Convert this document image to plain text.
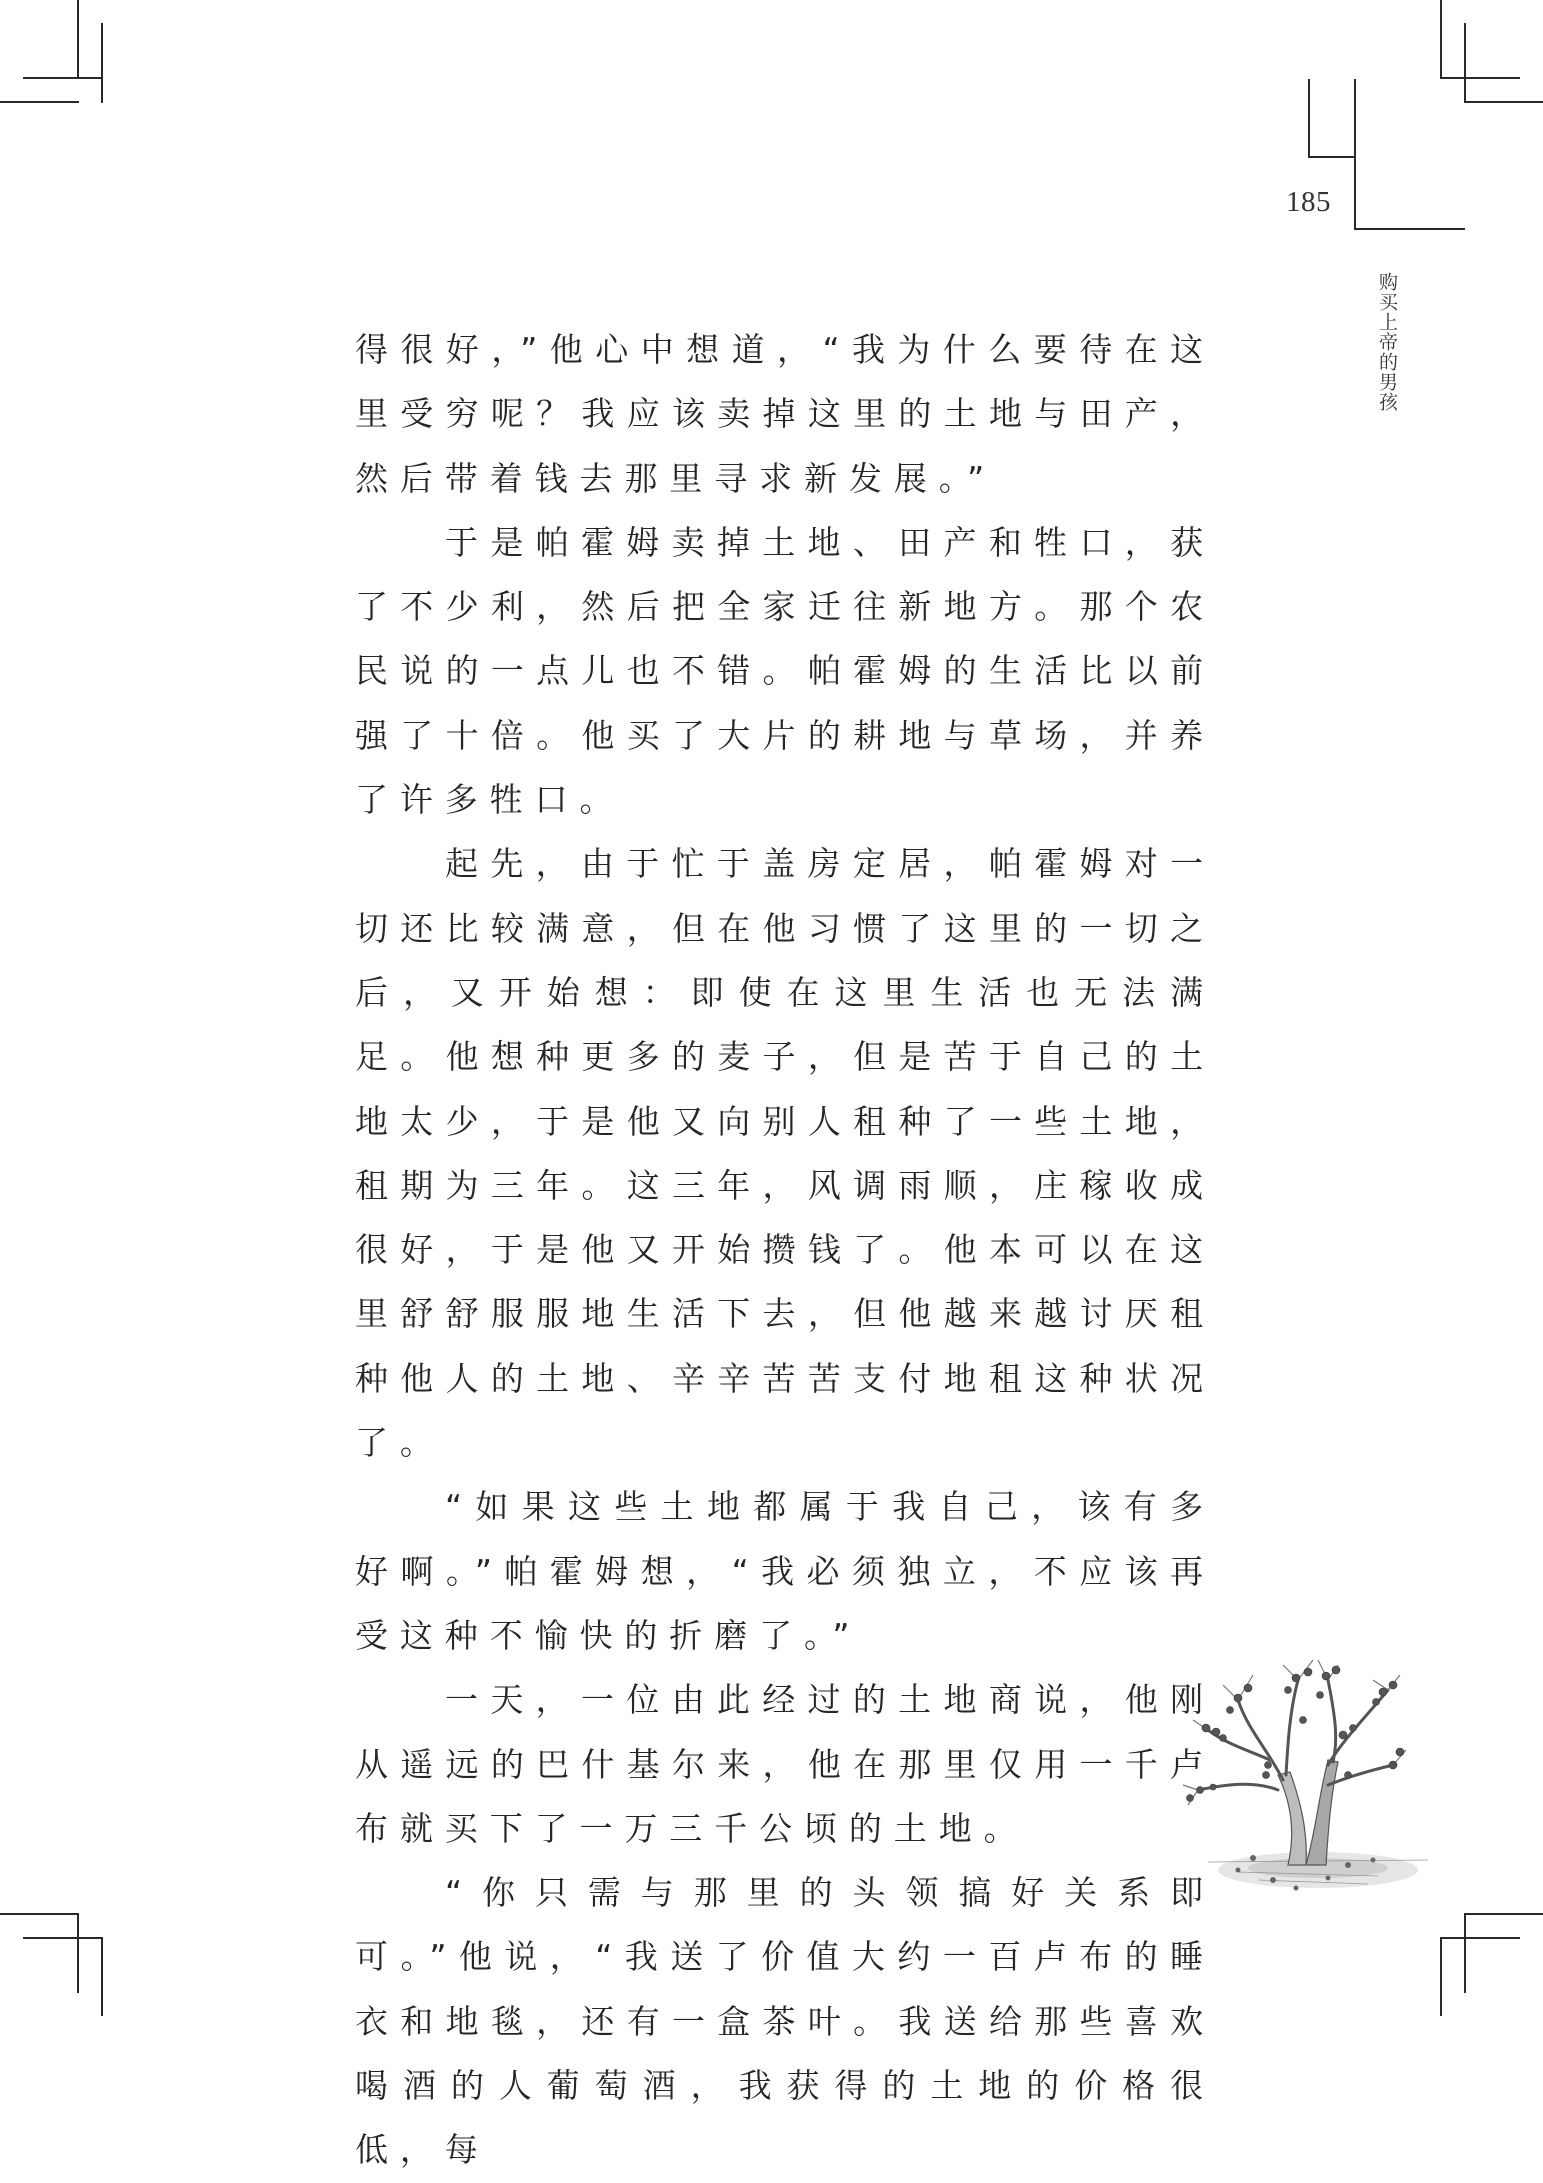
185
购买上帝的男孩

得很好，”他心中想道，“我为什么要待在这里受穷呢？我应该卖掉这里的土地与田产，然后带着钱去那里寻求新发展。”

于是帕霍姆卖掉土地、田产和牲口，获了不少利，然后把全家迁往新地方。那个农民说的一点儿也不错。帕霍姆的生活比以前强了十倍。他买了大片的耕地与草场，并养了许多牲口。

起先，由于忙于盖房定居，帕霍姆对一切还比较满意，但在他习惯了这里的一切之后，又开始想：即使在这里生活也无法满足。他想种更多的麦子，但是苦于自己的土地太少，于是他又向别人租种了一些土地，租期为三年。这三年，风调雨顺，庄稼收成很好，于是他又开始攒钱了。他本可以在这里舒舒服服地生活下去，但他越来越讨厌租种他人的土地、辛辛苦苦支付地租这种状况了。

“如果这些土地都属于我自己，该有多好啊。”帕霍姆想，“我必须独立，不应该再受这种不愉快的折磨了。”

一天，一位由此经过的土地商说，他刚从遥远的巴什基尔来，他在那里仅用一千卢布就买下了一万三千公顷的土地。

“你只需与那里的头领搞好关系即可。”他说，“我送了价值大约一百卢布的睡衣和地毯，还有一盒茶叶。我送给那些喜欢喝酒的人葡萄酒，我获得的土地的价格很低，每
